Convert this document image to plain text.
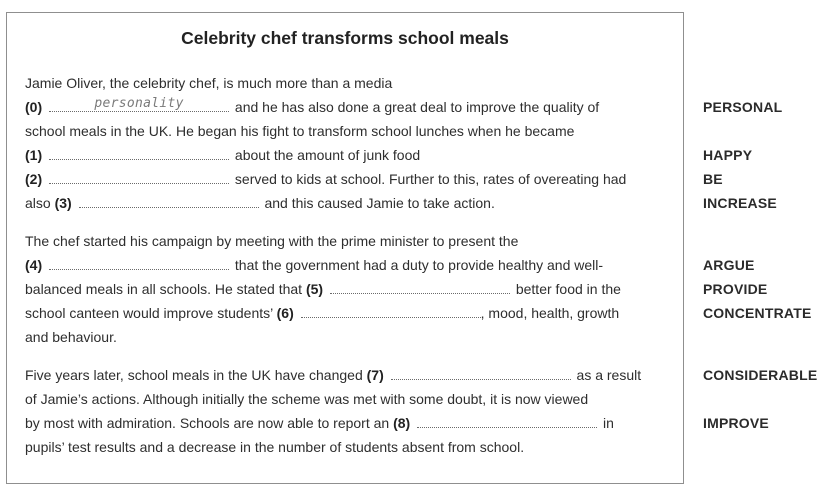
Celebrity chef transforms school meals
Jamie Oliver, the celebrity chef, is much more than a media
(0)	personality	and he has also done a great deal to improve the quality of
school meals in the UK. He began his fight to transform school lunches when he became
(1)	about the amount of junk food
(2)	served to kids at school. Further to this, rates of overeating had
also (3)	and this caused Jamie to take action.
The chef started his campaign by meeting with the prime minister to present the
(4)	that the government had a duty to provide healthy and well-
balanced meals in all schools. He stated that (5)	better food in the
school canteen would improve students’ (6)	, mood, health, growth
and behaviour.
Five years later, school meals in the UK have changed (7)	as a result
of Jamie’s actions. Although initially the scheme was met with some doubt, it is now viewed
by most with admiration. Schools are now able to report an (8)	in
pupils’ test results and a decrease in the number of students absent from school.
PERSONAL
HAPPY
BE
INCREASE
ARGUE
PROVIDE
CONCENTRATE
CONSIDERABLE
IMPROVE
